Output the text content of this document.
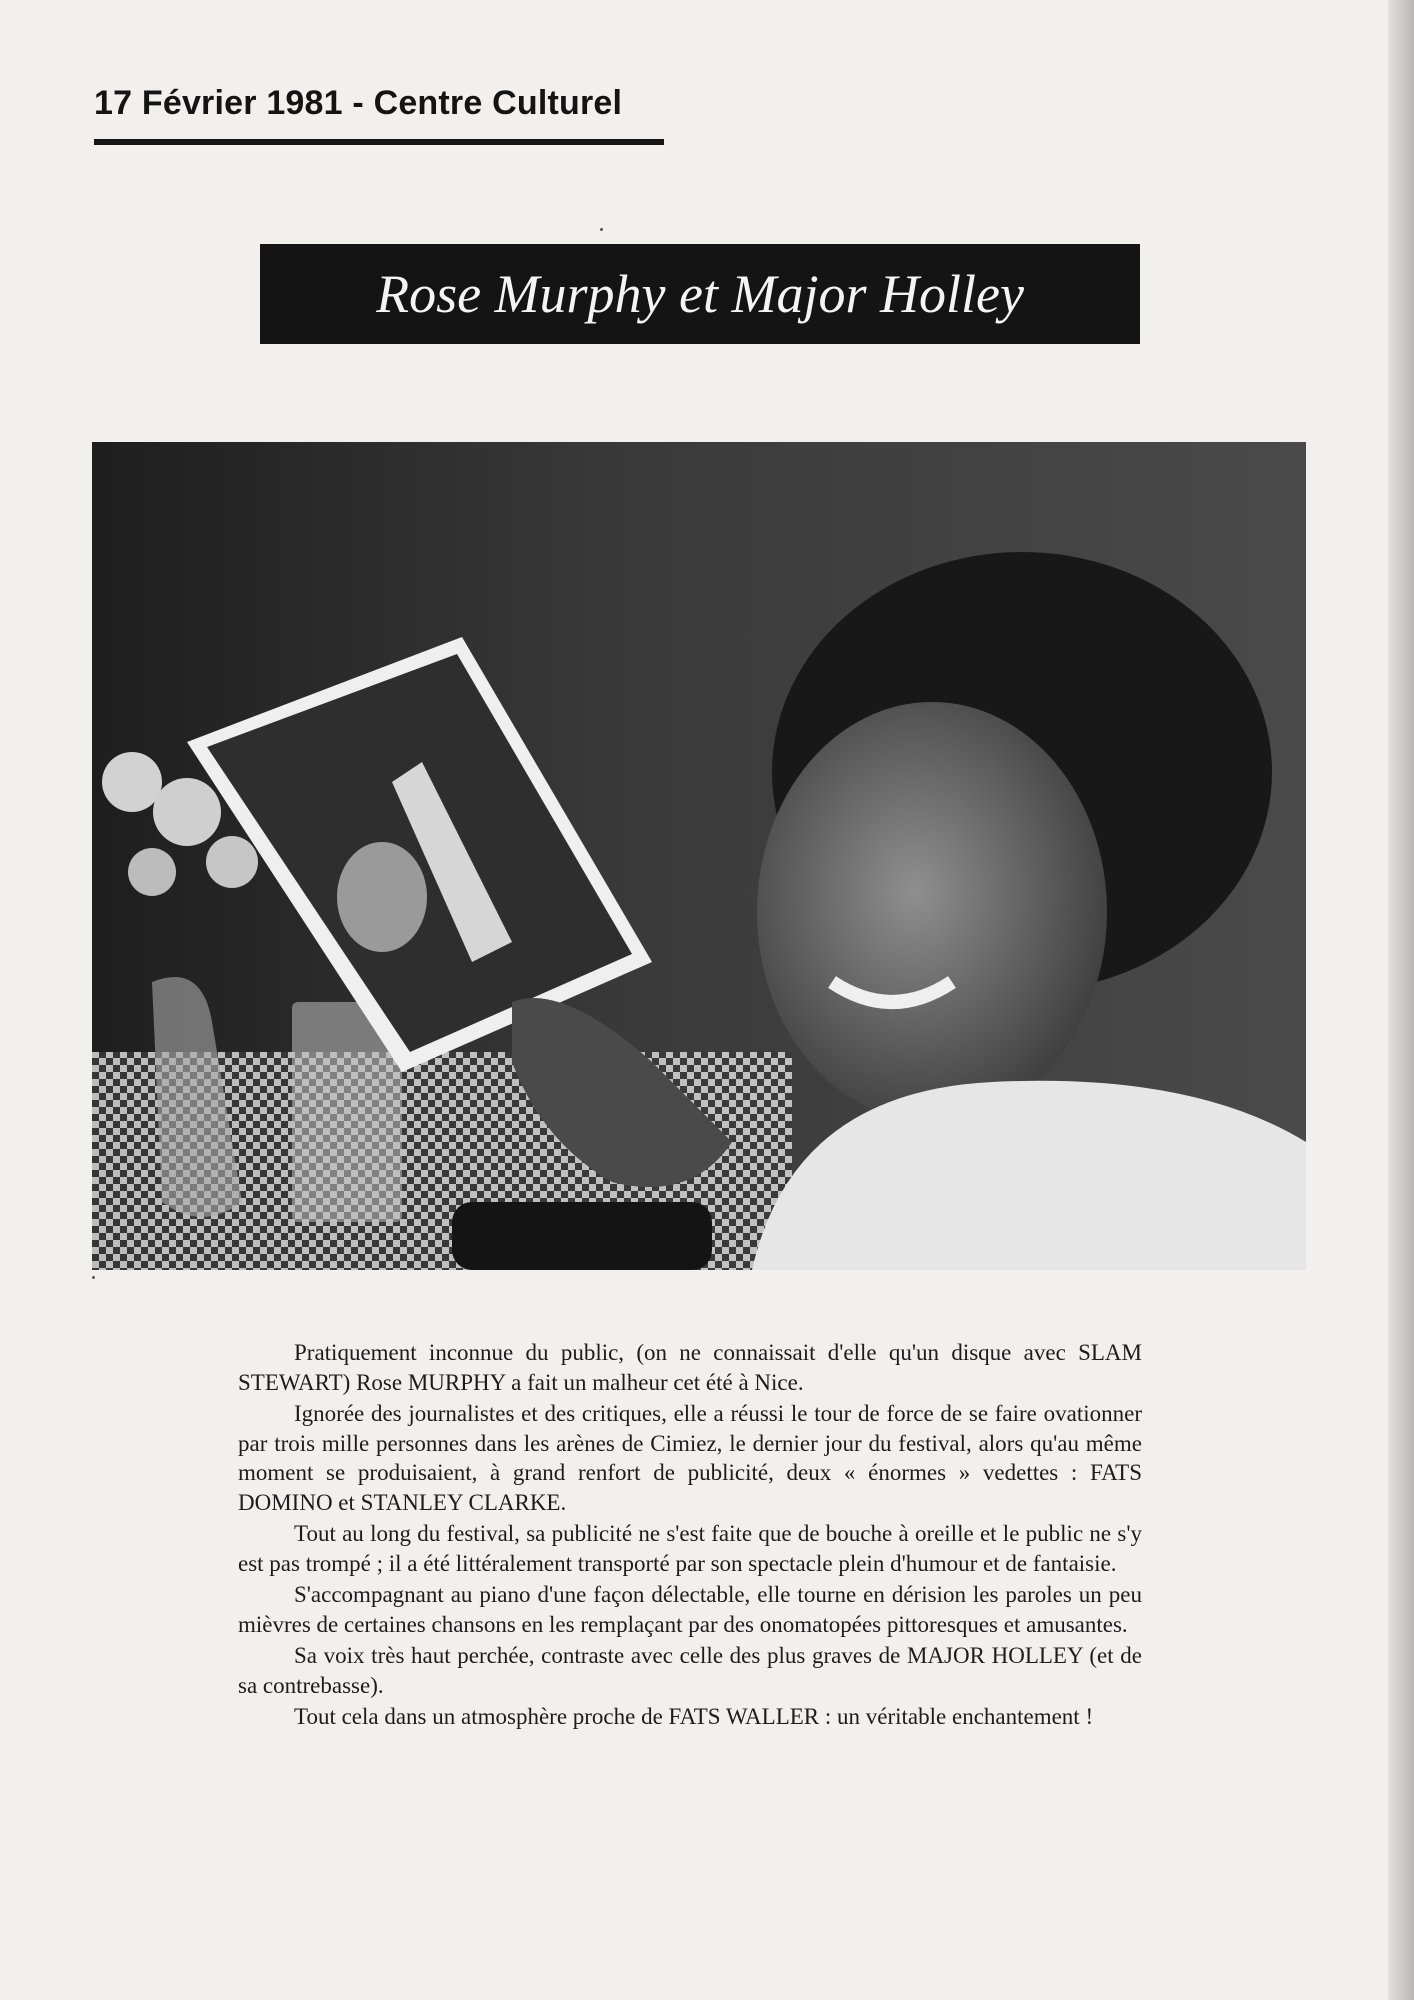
17 Février 1981 - Centre Culturel
Rose Murphy et Major Holley

Pratiquement inconnue du public, (on ne connaissait d'elle qu'un disque avec SLAM STEWART) Rose MURPHY a fait un malheur cet été à Nice.

Ignorée des journalistes et des critiques, elle a réussi le tour de force de se faire ovationner par trois mille personnes dans les arènes de Cimiez, le dernier jour du festival, alors qu'au même moment se produisaient, à grand renfort de publicité, deux « énormes » vedettes : FATS DOMINO et STANLEY CLARKE.

Tout au long du festival, sa publicité ne s'est faite que de bouche à oreille et le public ne s'y est pas trompé ; il a été littéralement transporté par son spectacle plein d'humour et de fantaisie.

S'accompagnant au piano d'une façon délectable, elle tourne en dérision les paroles un peu mièvres de certaines chansons en les remplaçant par des onomatopées pittoresques et amusantes.

Sa voix très haut perchée, contraste avec celle des plus graves de MAJOR HOLLEY (et de sa contrebasse).

Tout cela dans un atmosphère proche de FATS WALLER : un véritable enchantement !
